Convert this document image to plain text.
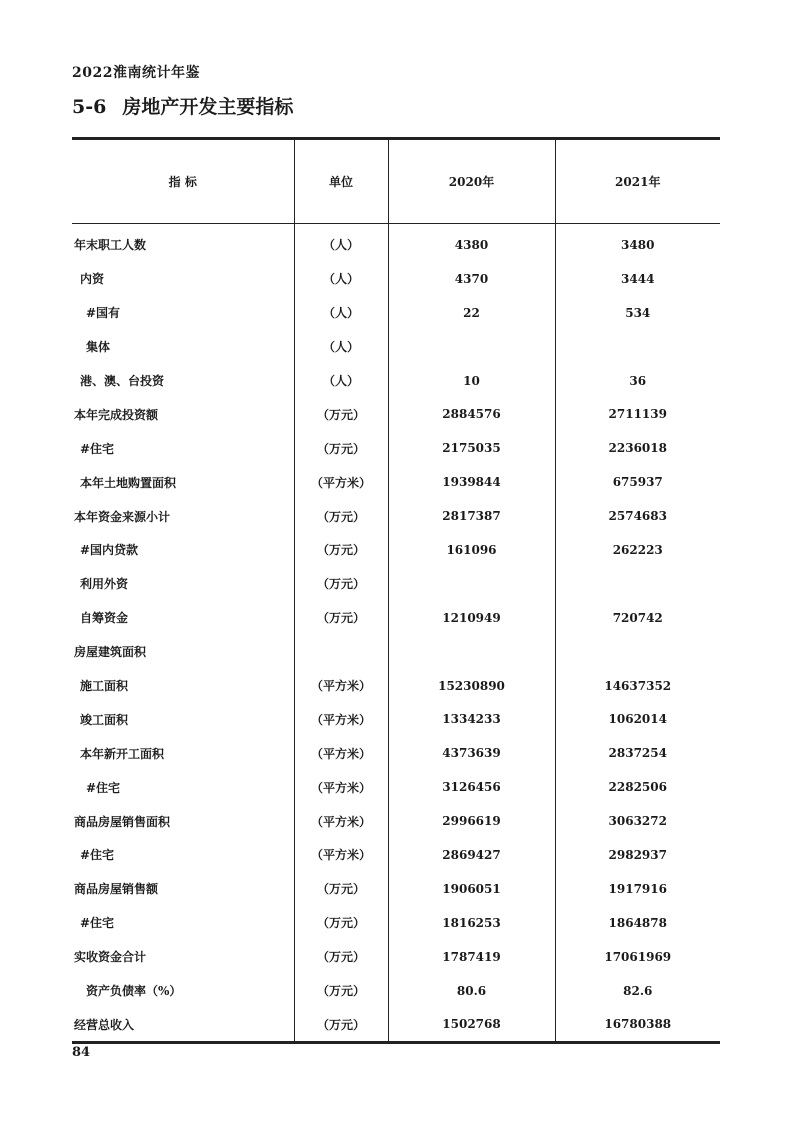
2022淮南统计年鉴
5-6 房地产开发主要指标
指 标	单位	2020年	2021年
年末职工人数	（人）	4380	3480
内资	（人）	4370	3444
#国有	（人）	22	534
集体	（人）		
港、澳、台投资	（人）	10	36
本年完成投资额	（万元）	2884576	2711139
#住宅	（万元）	2175035	2236018
本年土地购置面积	（平方米）	1939844	675937
本年资金来源小计	（万元）	2817387	2574683
#国内贷款	（万元）	161096	262223
利用外资	（万元）		
自筹资金	（万元）	1210949	720742
房屋建筑面积			
施工面积	（平方米）	15230890	14637352
竣工面积	（平方米）	1334233	1062014
本年新开工面积	（平方米）	4373639	2837254
#住宅	（平方米）	3126456	2282506
商品房屋销售面积	（平方米）	2996619	3063272
#住宅	（平方米）	2869427	2982937
商品房屋销售额	（万元）	1906051	1917916
#住宅	（万元）	1816253	1864878
实收资金合计	（万元）	1787419	17061969
资产负债率（%）	（万元）	80.6	82.6
经营总收入	（万元）	1502768	16780388
84
